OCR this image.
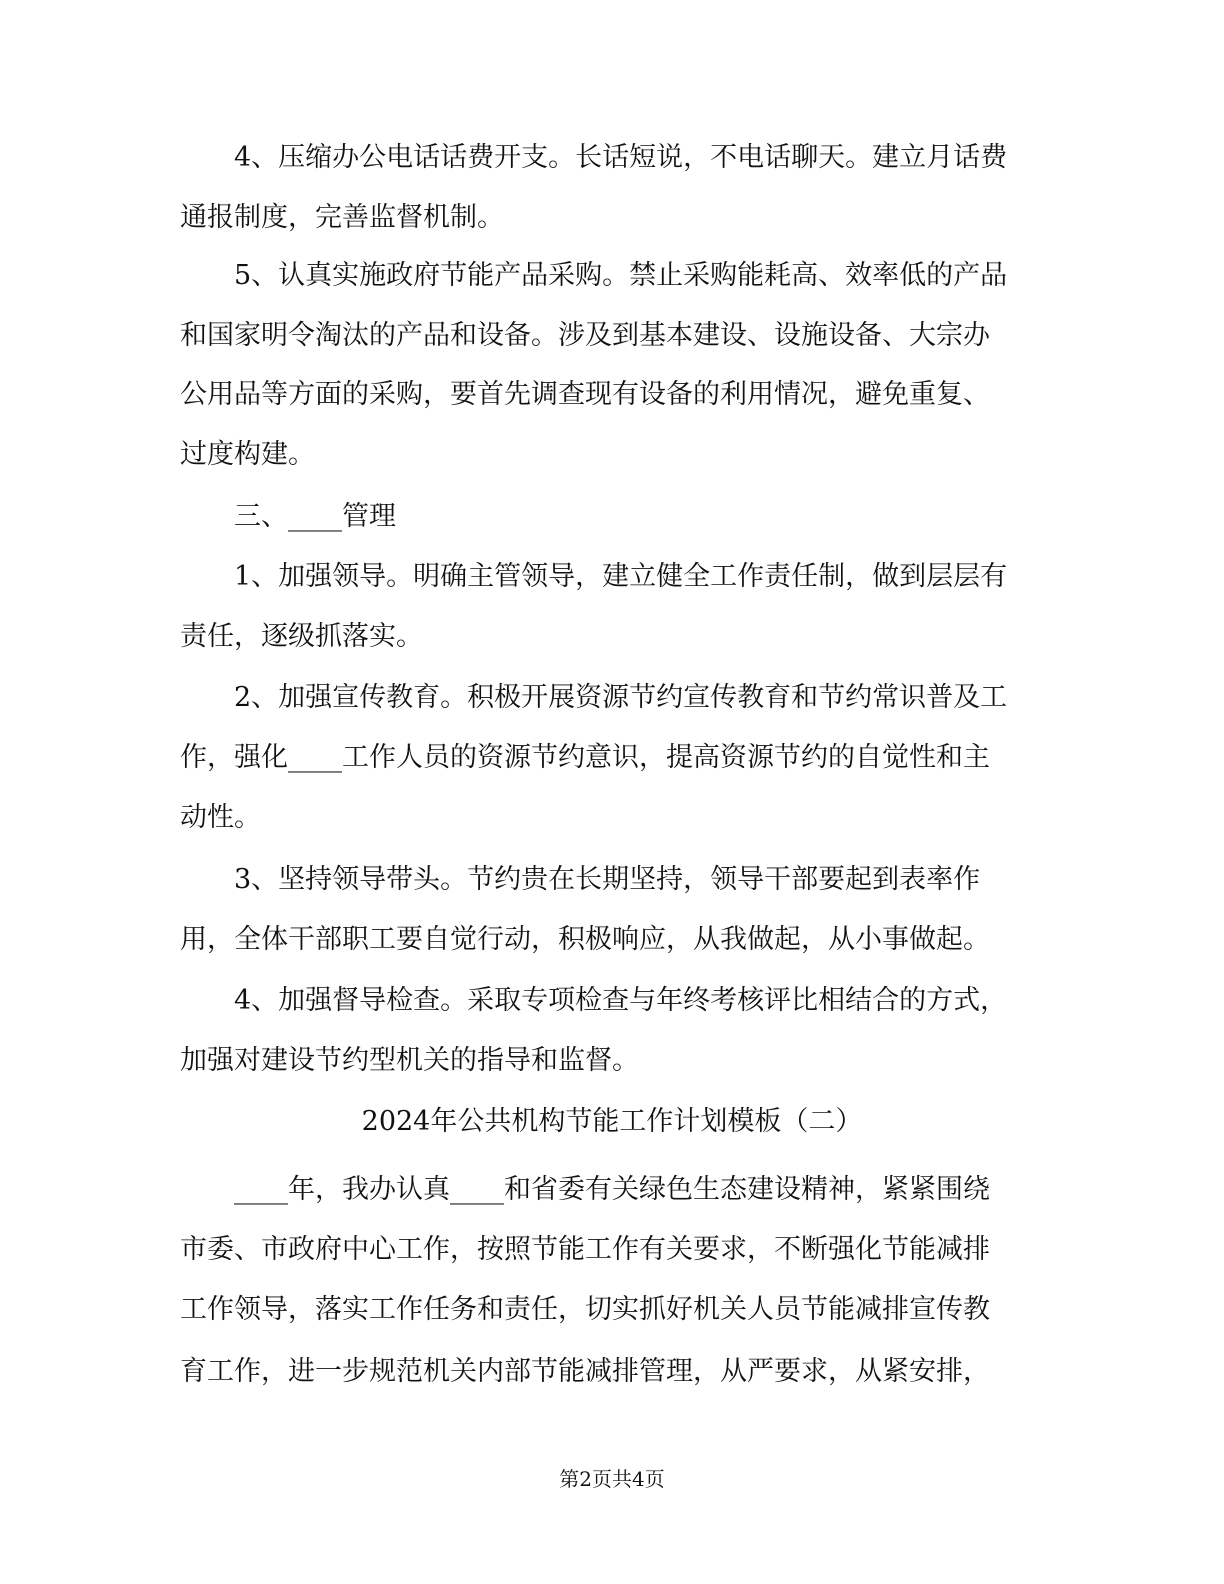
　　4、压缩办公电话话费开支。长话短说，不电话聊天。建立月话费
通报制度，完善监督机制。
　　5、认真实施政府节能产品采购。禁止采购能耗高、效率低的产品
和国家明令淘汰的产品和设备。涉及到基本建设、设施设备、大宗办
公用品等方面的采购，要首先调查现有设备的利用情况，避免重复、
过度构建。
　　三、____管理
　　1、加强领导。明确主管领导，建立健全工作责任制，做到层层有
责任，逐级抓落实。
　　2、加强宣传教育。积极开展资源节约宣传教育和节约常识普及工
作，强化____工作人员的资源节约意识，提高资源节约的自觉性和主
动性。
　　3、坚持领导带头。节约贵在长期坚持，领导干部要起到表率作
用，全体干部职工要自觉行动，积极响应，从我做起，从小事做起。
　　4、加强督导检查。采取专项检查与年终考核评比相结合的方式，
加强对建设节约型机关的指导和监督。
2024年公共机构节能工作计划模板（二）
　　____年，我办认真____和省委有关绿色生态建设精神，紧紧围绕
市委、市政府中心工作，按照节能工作有关要求，不断强化节能减排
工作领导，落实工作任务和责任，切实抓好机关人员节能减排宣传教
育工作，进一步规范机关内部节能减排管理，从严要求，从紧安排，
第2页共4页
